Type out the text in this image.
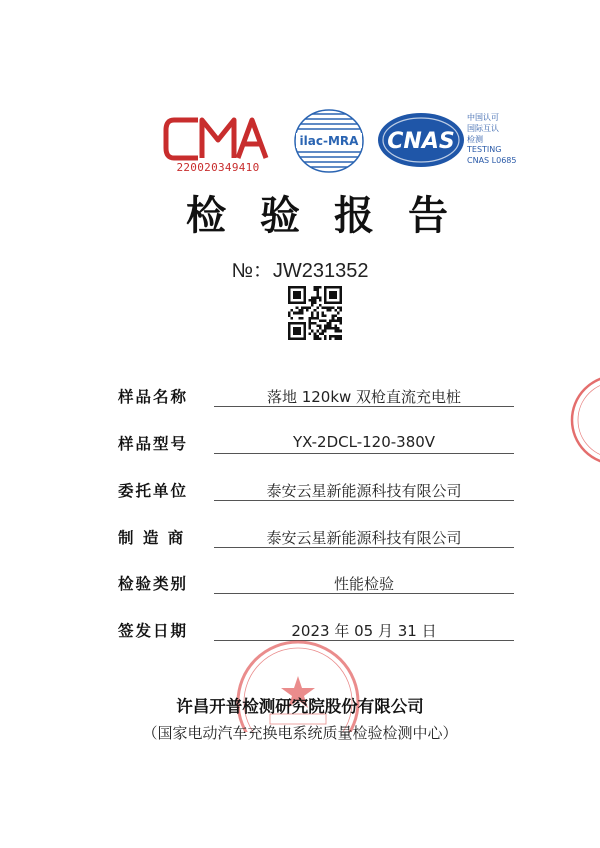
220020349410
ilac-MRA CNAS
中国认可
国际互认
检测
TESTING
CNAS L0685
检验报告
№：JW231352
样品名称	落地 120kw 双枪直流充电桩
样品型号	YX-2DCL-120-380V
委托单位	泰安云星新能源科技有限公司
制 造 商	泰安云星新能源科技有限公司
检验类别	性能检验
签发日期	2023 年 05 月 31 日
许昌开普检测研究院股份有限公司
（国家电动汽车充换电系统质量检验检测中心）
